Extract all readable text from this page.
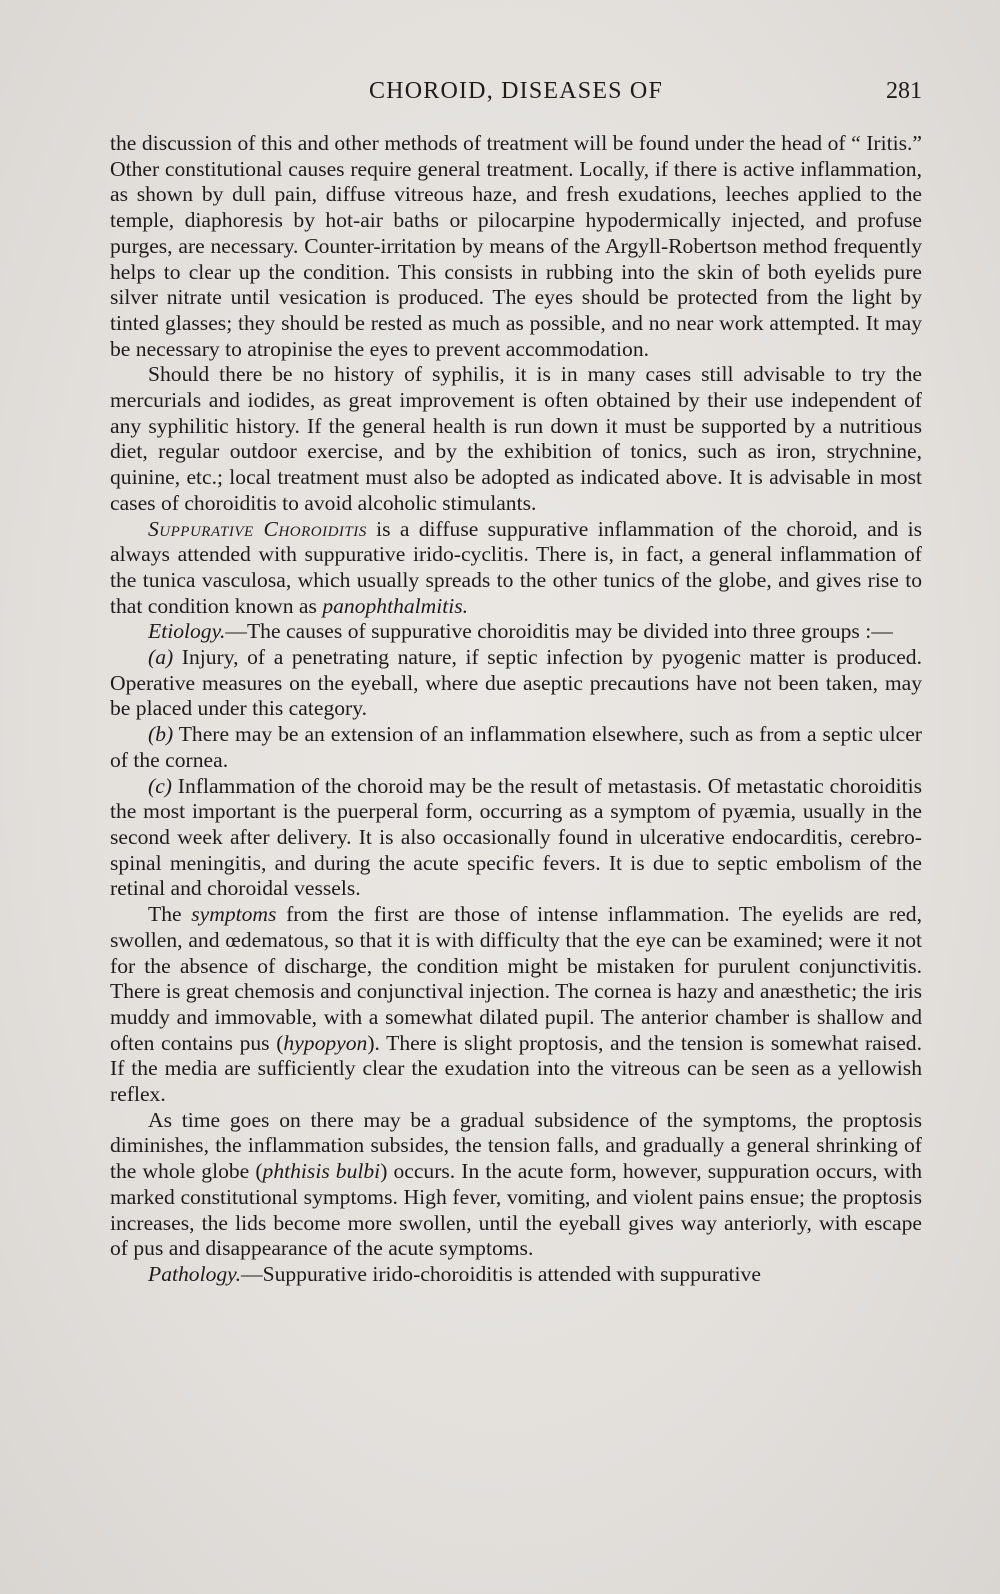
CHOROID, DISEASES OF	281

the discussion of this and other methods of treatment will be found under the head of “ Iritis.” Other constitutional causes require general treatment. Locally, if there is active inflammation, as shown by dull pain, diffuse vitreous haze, and fresh exudations, leeches applied to the temple, diaphoresis by hot-air baths or pilocarpine hypodermically injected, and profuse purges, are necessary. Counter-irritation by means of the Argyll-Robertson method frequently helps to clear up the condition. This consists in rubbing into the skin of both eyelids pure silver nitrate until vesication is produced. The eyes should be protected from the light by tinted glasses; they should be rested as much as possible, and no near work attempted. It may be necessary to atropinise the eyes to prevent accommodation.

Should there be no history of syphilis, it is in many cases still advisable to try the mercurials and iodides, as great improvement is often obtained by their use independent of any syphilitic history. If the general health is run down it must be supported by a nutritious diet, regular outdoor exercise, and by the exhibition of tonics, such as iron, strychnine, quinine, etc.; local treatment must also be adopted as indicated above. It is advisable in most cases of choroiditis to avoid alcoholic stimulants.

Suppurative Choroiditis is a diffuse suppurative inflammation of the choroid, and is always attended with suppurative irido-cyclitis. There is, in fact, a general inflammation of the tunica vasculosa, which usually spreads to the other tunics of the globe, and gives rise to that condition known as panophthalmitis.

Etiology.—The causes of suppurative choroiditis may be divided into three groups :—

(a) Injury, of a penetrating nature, if septic infection by pyogenic matter is produced. Operative measures on the eyeball, where due aseptic precautions have not been taken, may be placed under this category.

(b) There may be an extension of an inflammation elsewhere, such as from a septic ulcer of the cornea.

(c) Inflammation of the choroid may be the result of metastasis. Of metastatic choroiditis the most important is the puerperal form, occurring as a symptom of pyæmia, usually in the second week after delivery. It is also occasionally found in ulcerative endocarditis, cerebro-spinal meningitis, and during the acute specific fevers. It is due to septic embolism of the retinal and choroidal vessels.

The symptoms from the first are those of intense inflammation. The eyelids are red, swollen, and œdematous, so that it is with difficulty that the eye can be examined; were it not for the absence of discharge, the condition might be mistaken for purulent conjunctivitis. There is great chemosis and conjunctival injection. The cornea is hazy and anæsthetic; the iris muddy and immovable, with a somewhat dilated pupil. The anterior chamber is shallow and often contains pus (hypopyon). There is slight proptosis, and the tension is somewhat raised. If the media are sufficiently clear the exudation into the vitreous can be seen as a yellowish reflex.

As time goes on there may be a gradual subsidence of the symptoms, the proptosis diminishes, the inflammation subsides, the tension falls, and gradually a general shrinking of the whole globe (phthisis bulbi) occurs. In the acute form, however, suppuration occurs, with marked constitutional symptoms. High fever, vomiting, and violent pains ensue; the proptosis increases, the lids become more swollen, until the eyeball gives way anteriorly, with escape of pus and disappearance of the acute symptoms.

Pathology.—Suppurative irido-choroiditis is attended with suppurative
